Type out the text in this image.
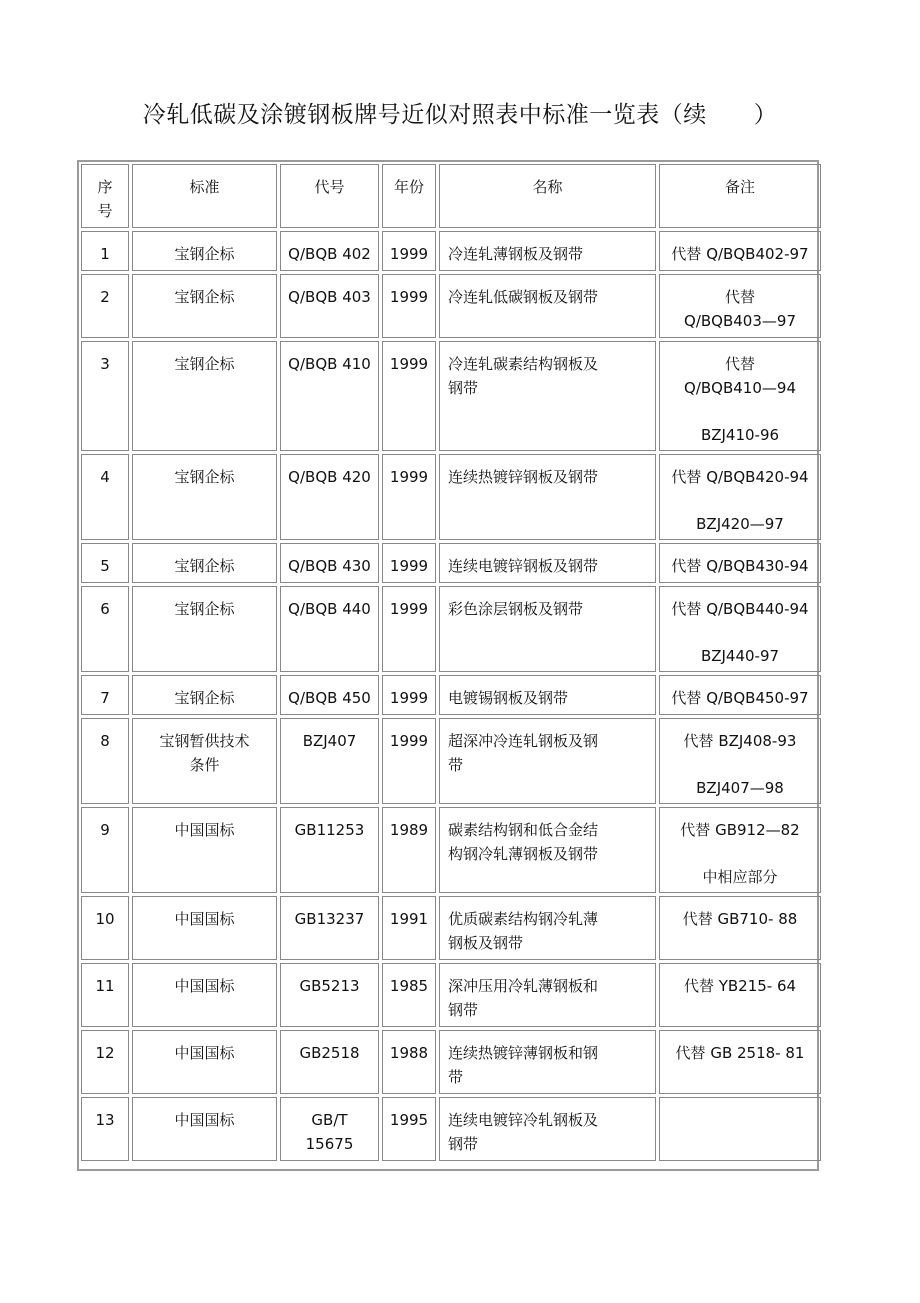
冷轧低碳及涂镀钢板牌号近似对照表中标准一览表（续　　）
序
号	标准	代号	年份	名称	备注
1	宝钢企标	Q/BQB 402	1999	冷连轧薄钢板及钢带	代替 Q/BQB402-97

2	宝钢企标	Q/BQB 403	1999	冷连轧低碳钢板及钢带	代替
Q/BQB403—97

3	宝钢企标	Q/BQB 410	1999	冷连轧碳素结构钢板及
钢带	代替
Q/BQB410—94
BZJ410-96

4	宝钢企标	Q/BQB 420	1999	连续热镀锌钢板及钢带	代替 Q/BQB420-94
BZJ420—97

5	宝钢企标	Q/BQB 430	1999	连续电镀锌钢板及钢带	代替 Q/BQB430-94

6	宝钢企标	Q/BQB 440	1999	彩色涂层钢板及钢带	代替 Q/BQB440-94
BZJ440-97

7	宝钢企标	Q/BQB 450	1999	电镀锡钢板及钢带	代替 Q/BQB450-97

8	宝钢暂供技术
条件	BZJ407	1999	超深冲冷连轧钢板及钢
带	代替 BZJ408-93
BZJ407—98

9	中国国标	GB11253	1989	碳素结构钢和低合金结
构钢冷轧薄钢板及钢带	代替 GB912—82
中相应部分

10	中国国标	GB13237	1991	优质碳素结构钢冷轧薄
钢板及钢带	代替 GB710- 88

11	中国国标	GB5213	1985	深冲压用冷轧薄钢板和
钢带	代替 YB215- 64

12	中国国标	GB2518	1988	连续热镀锌薄钢板和钢
带	代替 GB 2518- 81

13	中国国标	GB/T
15675	1995	连续电镀锌冷轧钢板及
钢带	
